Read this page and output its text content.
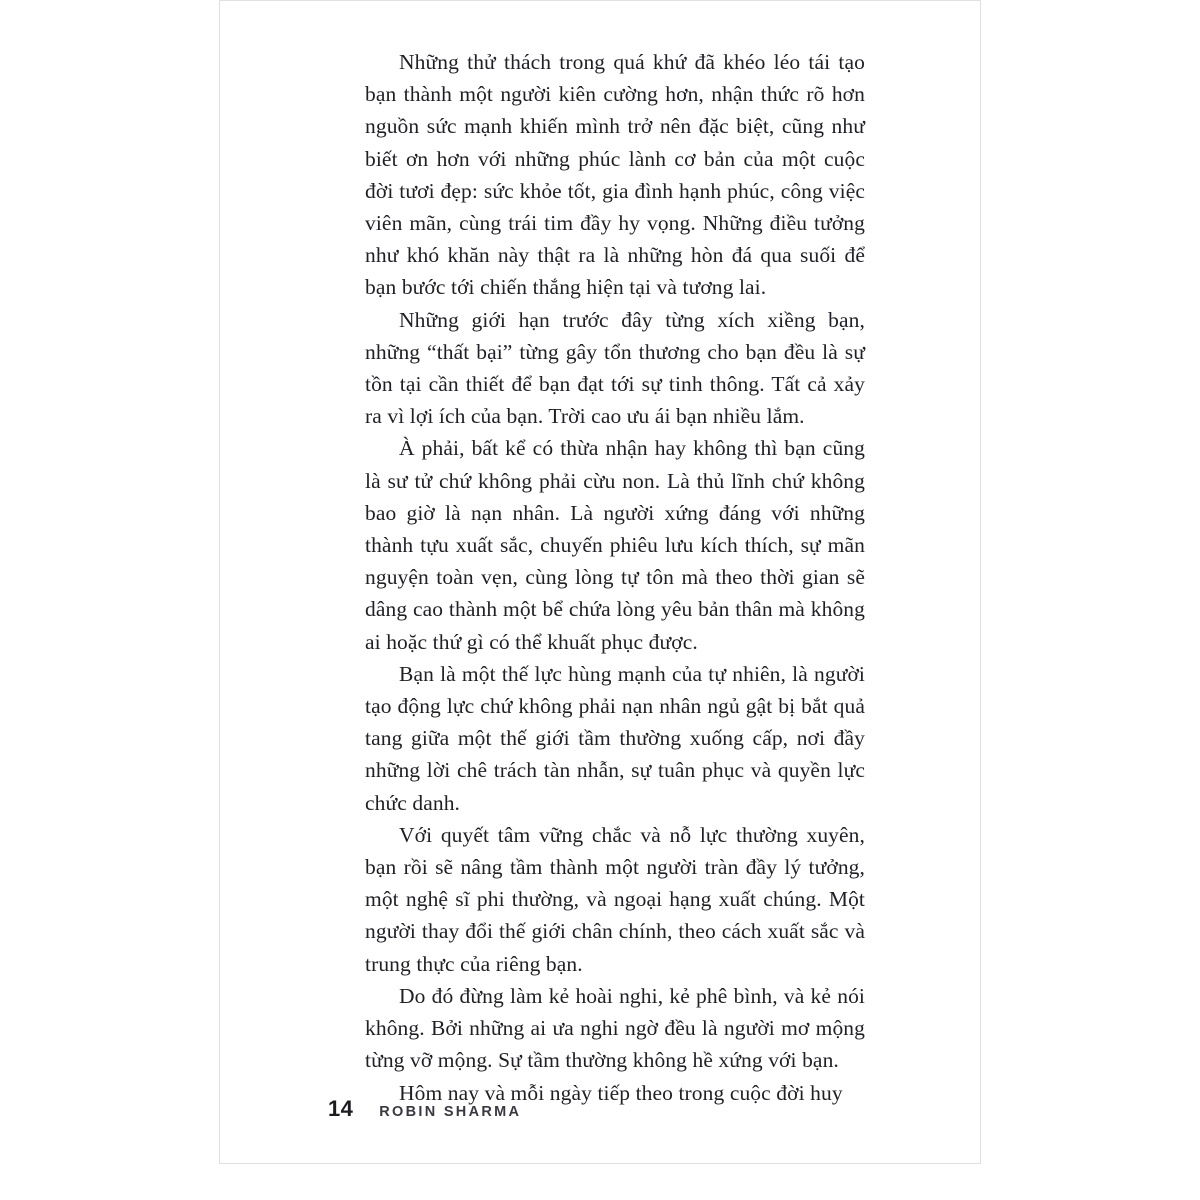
Những thử thách trong quá khứ đã khéo léo tái tạo bạn thành một người kiên cường hơn, nhận thức rõ hơn nguồn sức mạnh khiến mình trở nên đặc biệt, cũng như biết ơn hơn với những phúc lành cơ bản của một cuộc đời tươi đẹp: sức khỏe tốt, gia đình hạnh phúc, công việc viên mãn, cùng trái tim đầy hy vọng. Những điều tưởng như khó khăn này thật ra là những hòn đá qua suối để bạn bước tới chiến thắng hiện tại và tương lai.

Những giới hạn trước đây từng xích xiềng bạn, những “thất bại” từng gây tổn thương cho bạn đều là sự tồn tại cần thiết để bạn đạt tới sự tinh thông. Tất cả xảy ra vì lợi ích của bạn. Trời cao ưu ái bạn nhiều lắm.

À phải, bất kể có thừa nhận hay không thì bạn cũng là sư tử chứ không phải cừu non. Là thủ lĩnh chứ không bao giờ là nạn nhân. Là người xứng đáng với những thành tựu xuất sắc, chuyến phiêu lưu kích thích, sự mãn nguyện toàn vẹn, cùng lòng tự tôn mà theo thời gian sẽ dâng cao thành một bể chứa lòng yêu bản thân mà không ai hoặc thứ gì có thể khuất phục được.

Bạn là một thế lực hùng mạnh của tự nhiên, là người tạo động lực chứ không phải nạn nhân ngủ gật bị bắt quả tang giữa một thế giới tầm thường xuống cấp, nơi đầy những lời chê trách tàn nhẫn, sự tuân phục và quyền lực chức danh.

Với quyết tâm vững chắc và nỗ lực thường xuyên, bạn rồi sẽ nâng tầm thành một người tràn đầy lý tưởng, một nghệ sĩ phi thường, và ngoại hạng xuất chúng. Một người thay đổi thế giới chân chính, theo cách xuất sắc và trung thực của riêng bạn.

Do đó đừng làm kẻ hoài nghi, kẻ phê bình, và kẻ nói không. Bởi những ai ưa nghi ngờ đều là người mơ mộng từng vỡ mộng. Sự tầm thường không hề xứng với bạn.

Hôm nay và mỗi ngày tiếp theo trong cuộc đời huy

14 ROBIN SHARMA
